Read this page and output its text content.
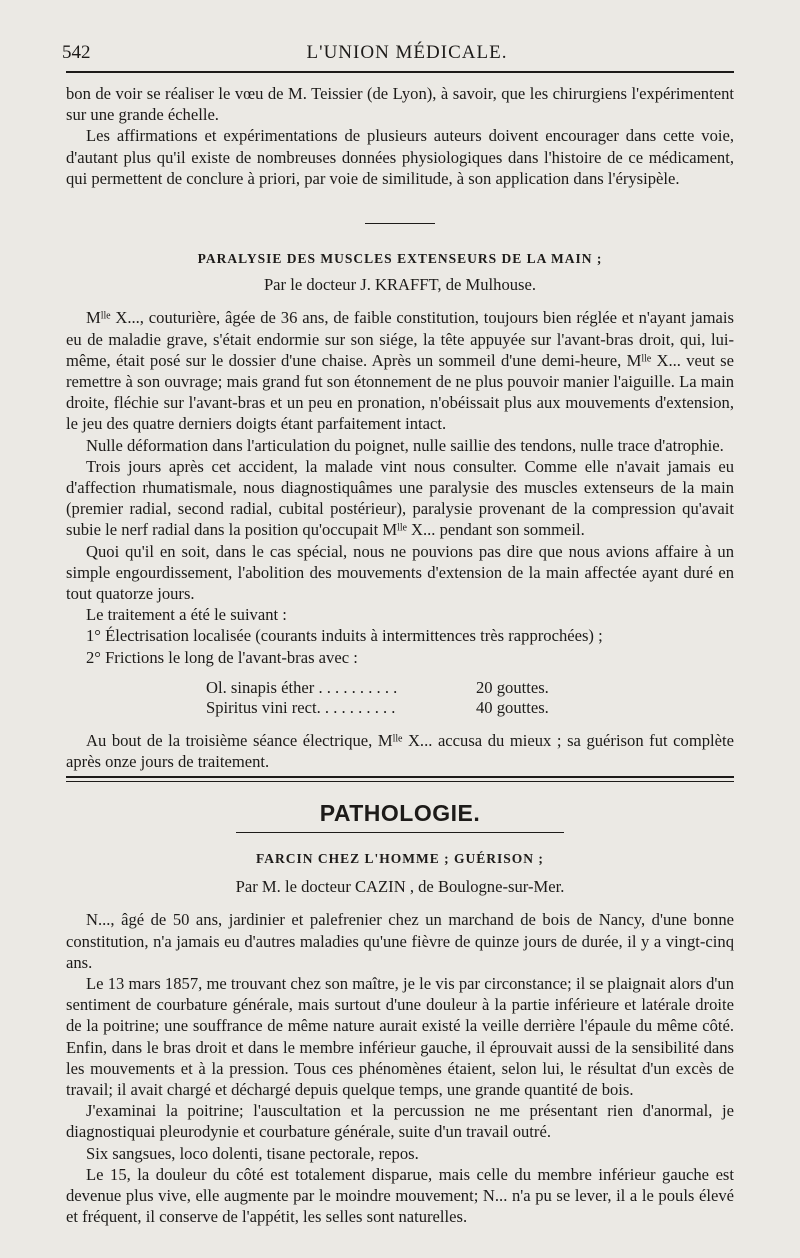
542	L'UNION MÉDICALE.

bon de voir se réaliser le vœu de M. Teissier (de Lyon), à savoir, que les chirurgiens l'expérimentent sur une grande échelle.

Les affirmations et expérimentations de plusieurs auteurs doivent encourager dans cette voie, d'autant plus qu'il existe de nombreuses données physiologiques dans l'histoire de ce médicament, qui permettent de conclure à priori, par voie de similitude, à son application dans l'érysipèle.

PARALYSIE DES MUSCLES EXTENSEURS DE LA MAIN ;

Par le docteur J. KRAFFT, de Mulhouse.

Mˡˡᵉ X..., couturière, âgée de 36 ans, de faible constitution, toujours bien réglée et n'ayant jamais eu de maladie grave, s'était endormie sur son siége, la tête appuyée sur l'avant-bras droit, qui, lui-même, était posé sur le dossier d'une chaise. Après un sommeil d'une demi-heure, Mˡˡᵉ X... veut se remettre à son ouvrage; mais grand fut son étonnement de ne plus pouvoir manier l'aiguille. La main droite, fléchie sur l'avant-bras et un peu en pronation, n'obéissait plus aux mouvements d'extension, le jeu des quatre derniers doigts étant parfaitement intact.

Nulle déformation dans l'articulation du poignet, nulle saillie des tendons, nulle trace d'atrophie.

Trois jours après cet accident, la malade vint nous consulter. Comme elle n'avait jamais eu d'affection rhumatismale, nous diagnostiquâmes une paralysie des muscles extenseurs de la main (premier radial, second radial, cubital postérieur), paralysie provenant de la compression qu'avait subie le nerf radial dans la position qu'occupait Mˡˡᵉ X... pendant son sommeil.

Quoi qu'il en soit, dans le cas spécial, nous ne pouvions pas dire que nous avions affaire à un simple engourdissement, l'abolition des mouvements d'extension de la main affectée ayant duré en tout quatorze jours.

Le traitement a été le suivant :

1° Électrisation localisée (courants induits à intermittences très rapprochées) ;

2° Frictions le long de l'avant-bras avec :

Ol. sinapis éther . . . . . . . . . .	20 gouttes.
Spiritus vini rect. . . . . . . . . .	40 gouttes.

Au bout de la troisième séance électrique, Mˡˡᵉ X... accusa du mieux ; sa guérison fut complète après onze jours de traitement.

PATHOLOGIE.

FARCIN CHEZ L'HOMME ; GUÉRISON ;

Par M. le docteur CAZIN , de Boulogne-sur-Mer.

N..., âgé de 50 ans, jardinier et palefrenier chez un marchand de bois de Nancy, d'une bonne constitution, n'a jamais eu d'autres maladies qu'une fièvre de quinze jours de durée, il y a vingt-cinq ans.

Le 13 mars 1857, me trouvant chez son maître, je le vis par circonstance; il se plaignait alors d'un sentiment de courbature générale, mais surtout d'une douleur à la partie inférieure et latérale droite de la poitrine; une souffrance de même nature aurait existé la veille derrière l'épaule du même côté. Enfin, dans le bras droit et dans le membre inférieur gauche, il éprouvait aussi de la sensibilité dans les mouvements et à la pression. Tous ces phénomènes étaient, selon lui, le résultat d'un excès de travail; il avait chargé et déchargé depuis quelque temps, une grande quantité de bois.

J'examinai la poitrine; l'auscultation et la percussion ne me présentant rien d'anormal, je diagnostiquai pleurodynie et courbature générale, suite d'un travail outré.

Six sangsues, loco dolenti, tisane pectorale, repos.

Le 15, la douleur du côté est totalement disparue, mais celle du membre inférieur gauche est devenue plus vive, elle augmente par le moindre mouvement; N... n'a pu se lever, il a le pouls élevé et fréquent, il conserve de l'appétit, les selles sont naturelles.
